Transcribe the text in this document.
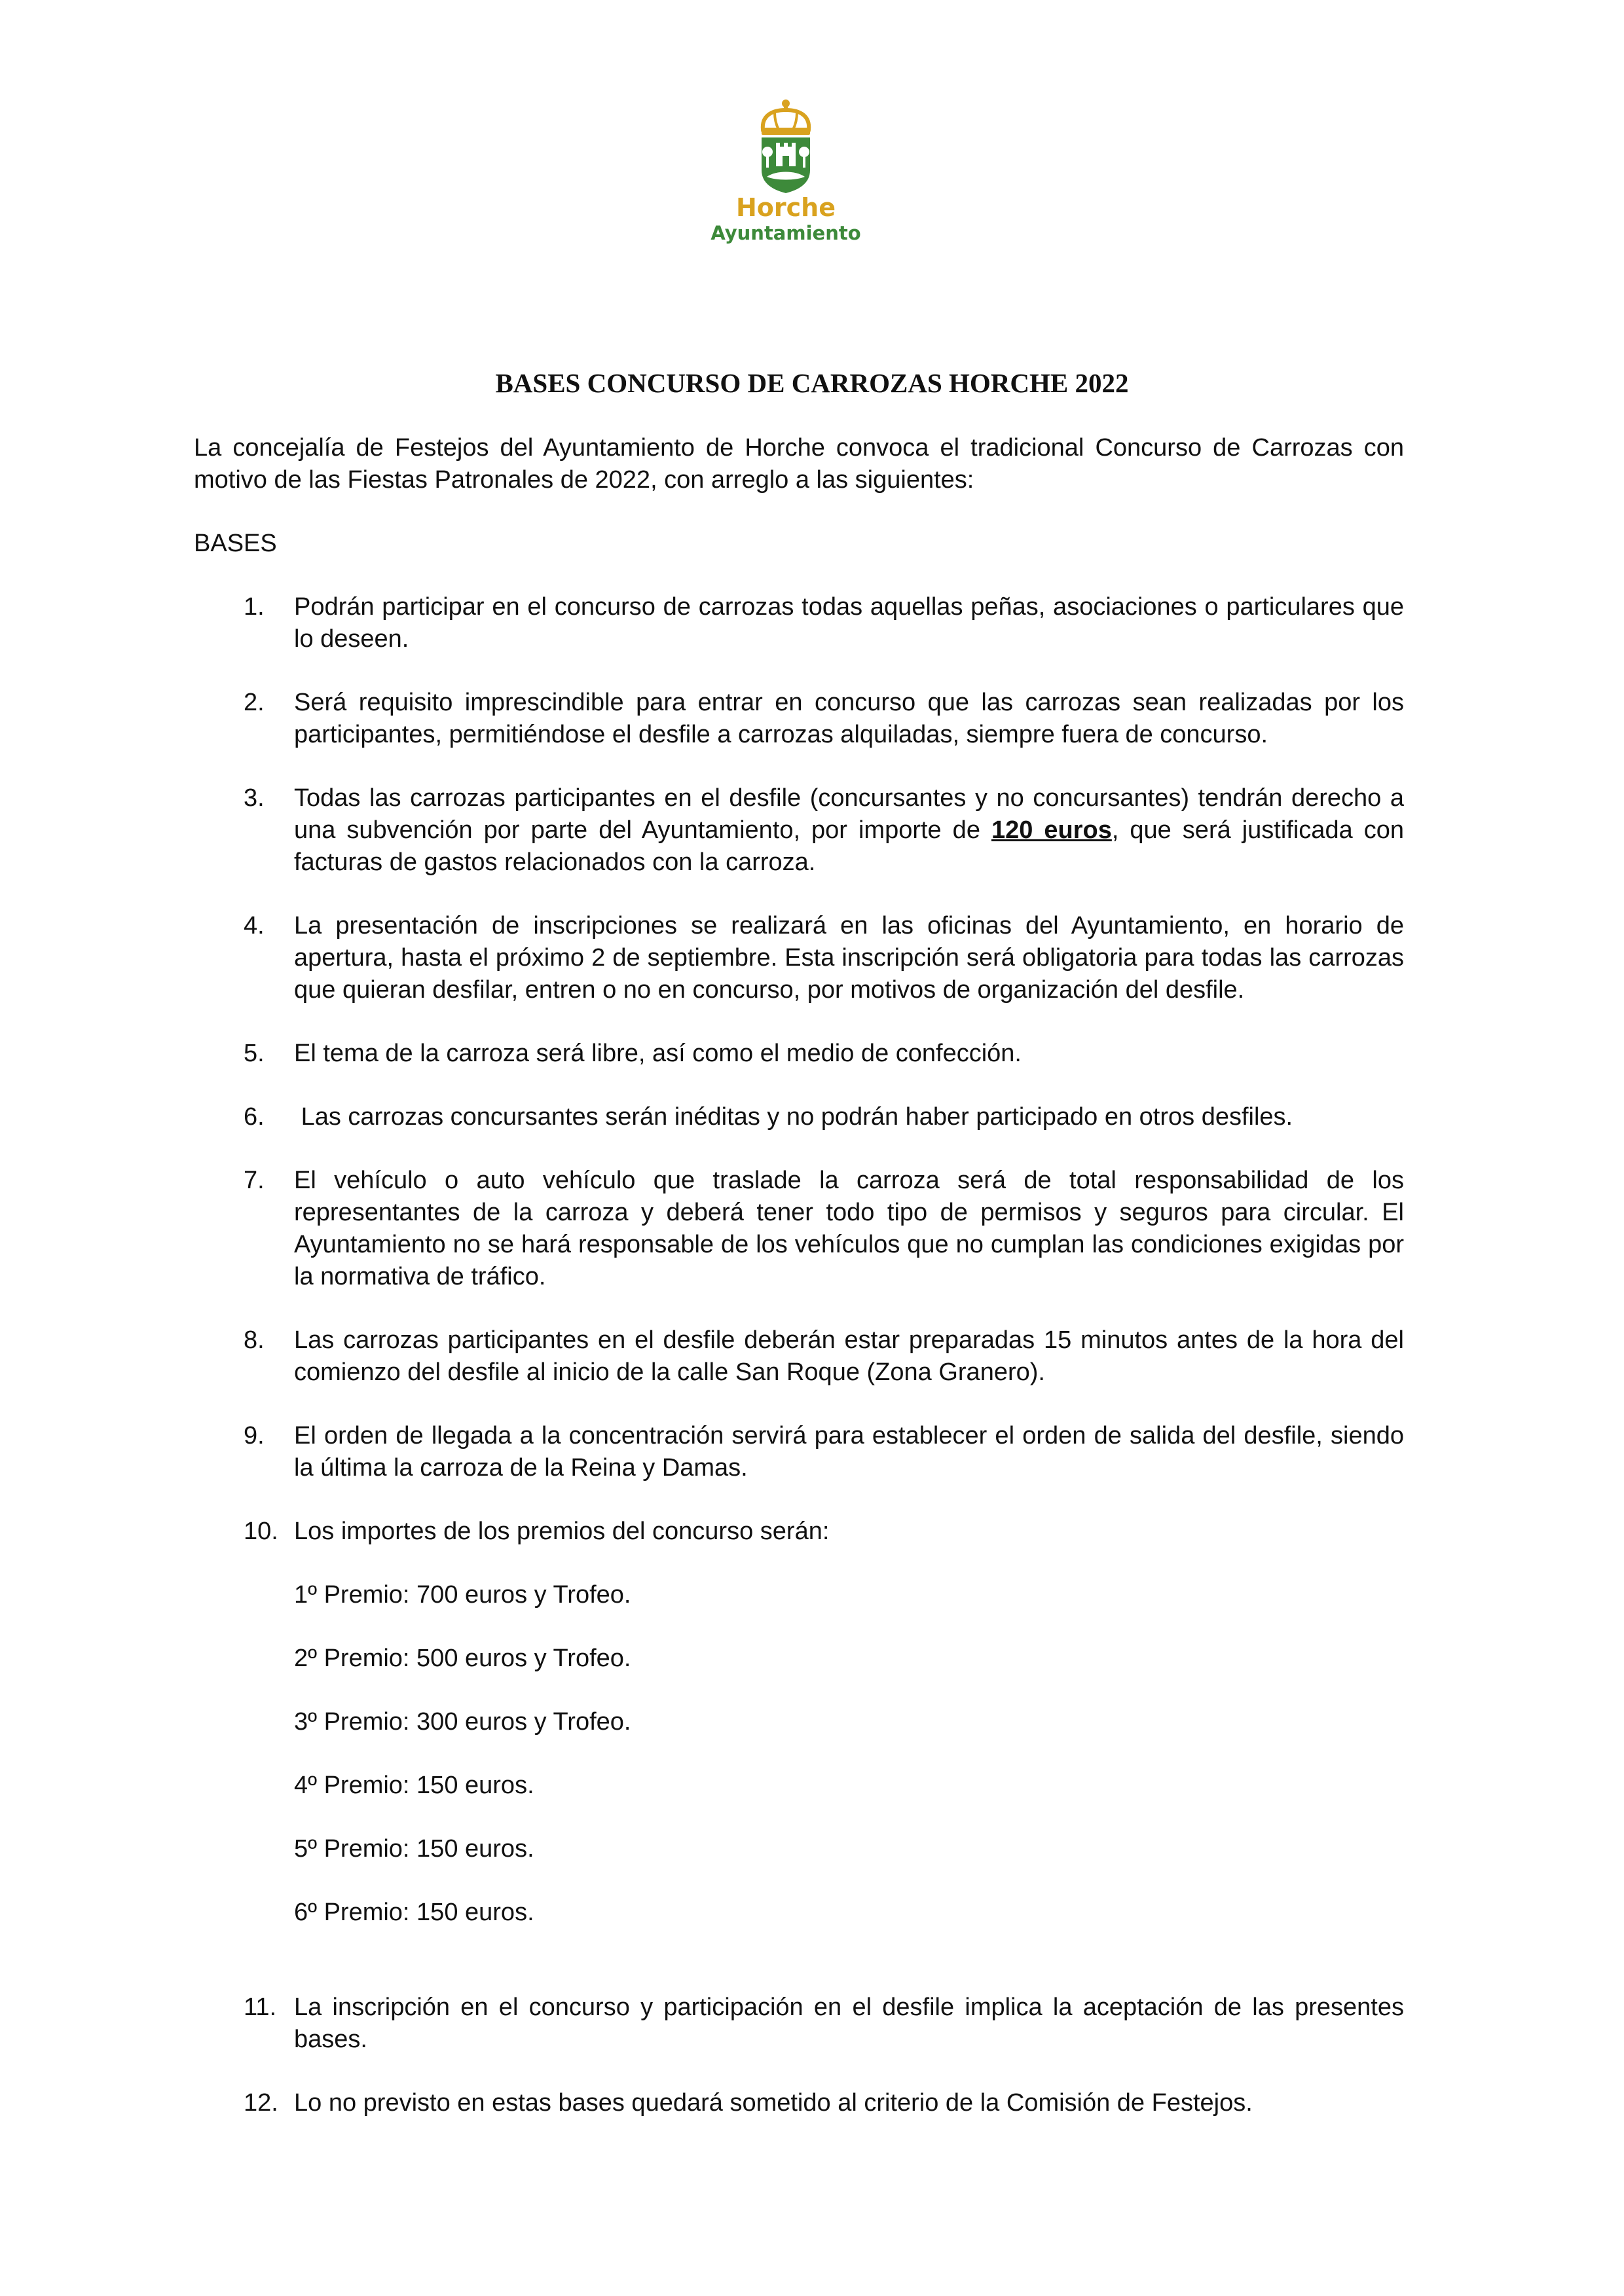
Horche
Ayuntamiento
BASES CONCURSO DE CARROZAS HORCHE 2022

La concejalía de Festejos del Ayuntamiento de Horche convoca el tradicional Concurso de Carrozas con motivo de las Fiestas Patronales de 2022, con arreglo a las siguientes:

BASES

1. Podrán participar en el concurso de carrozas todas aquellas peñas, asociaciones o particulares que lo deseen.
2. Será requisito imprescindible para entrar en concurso que las carrozas sean realizadas por los participantes, permitiéndose el desfile a carrozas alquiladas, siempre fuera de concurso.
3. Todas las carrozas participantes en el desfile (concursantes y no concursantes) tendrán derecho a una subvención por parte del Ayuntamiento, por importe de 120 euros, que será justificada con facturas de gastos relacionados con la carroza.
4. La presentación de inscripciones se realizará en las oficinas del Ayuntamiento, en horario de apertura, hasta el próximo 2 de septiembre. Esta inscripción será obligatoria para todas las carrozas que quieran desfilar, entren o no en concurso, por motivos de organización del desfile.
5. El tema de la carroza será libre, así como el medio de confección.
6. Las carrozas concursantes serán inéditas y no podrán haber participado en otros desfiles.
7. El vehículo o auto vehículo que traslade la carroza será de total responsabilidad de los representantes de la carroza y deberá tener todo tipo de permisos y seguros para circular. El Ayuntamiento no se hará responsable de los vehículos que no cumplan las condiciones exigidas por la normativa de tráfico.
8. Las carrozas participantes en el desfile deberán estar preparadas 15 minutos antes de la hora del comienzo del desfile al inicio de la calle San Roque (Zona Granero).
9. El orden de llegada a la concentración servirá para establecer el orden de salida del desfile, siendo la última la carroza de la Reina y Damas.
10. Los importes de los premios del concurso serán:
1º Premio: 700 euros y Trofeo.
2º Premio: 500 euros y Trofeo.
3º Premio: 300 euros y Trofeo.
4º Premio: 150 euros.
5º Premio: 150 euros.
6º Premio: 150 euros.
11. La inscripción en el concurso y participación en el desfile implica la aceptación de las presentes bases.
12. Lo no previsto en estas bases quedará sometido al criterio de la Comisión de Festejos.
